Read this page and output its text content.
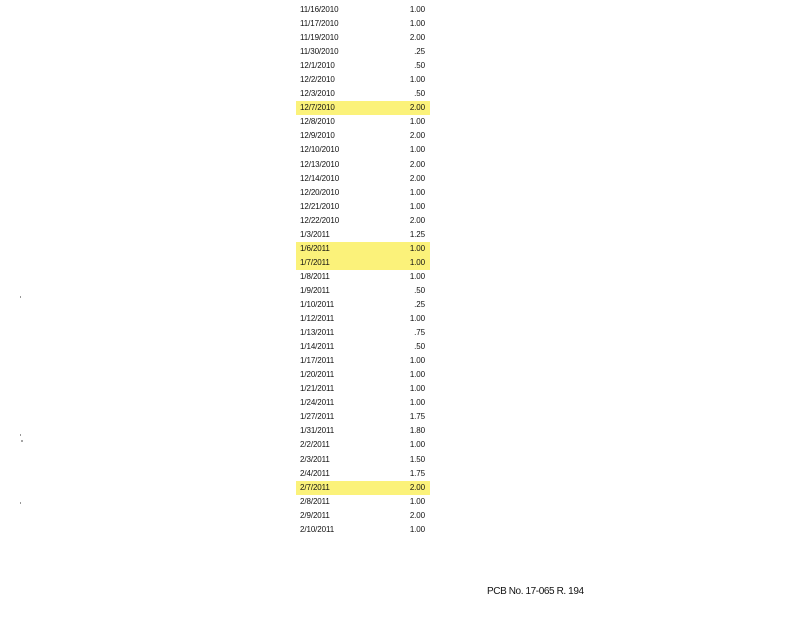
11/16/2010	1.00
11/17/2010	1.00
11/19/2010	2.00
11/30/2010	.25
12/1/2010	.50
12/2/2010	1.00
12/3/2010	.50
12/7/2010	2.00
12/8/2010	1.00
12/9/2010	2.00
12/10/2010	1.00
12/13/2010	2.00
12/14/2010	2.00
12/20/2010	1.00
12/21/2010	1.00
12/22/2010	2.00
1/3/2011	1.25
1/6/2011	1.00
1/7/2011	1.00
1/8/2011	1.00
1/9/2011	.50
1/10/2011	.25
1/12/2011	1.00
1/13/2011	.75
1/14/2011	.50
1/17/2011	1.00
1/20/2011	1.00
1/21/2011	1.00
1/24/2011	1.00
1/27/2011	1.75
1/31/2011	1.80
2/2/2011	1.00
2/3/2011	1.50
2/4/2011	1.75
2/7/2011	2.00
2/8/2011	1.00
2/9/2011	2.00
2/10/2011	1.00
PCB No. 17-065 R. 194
